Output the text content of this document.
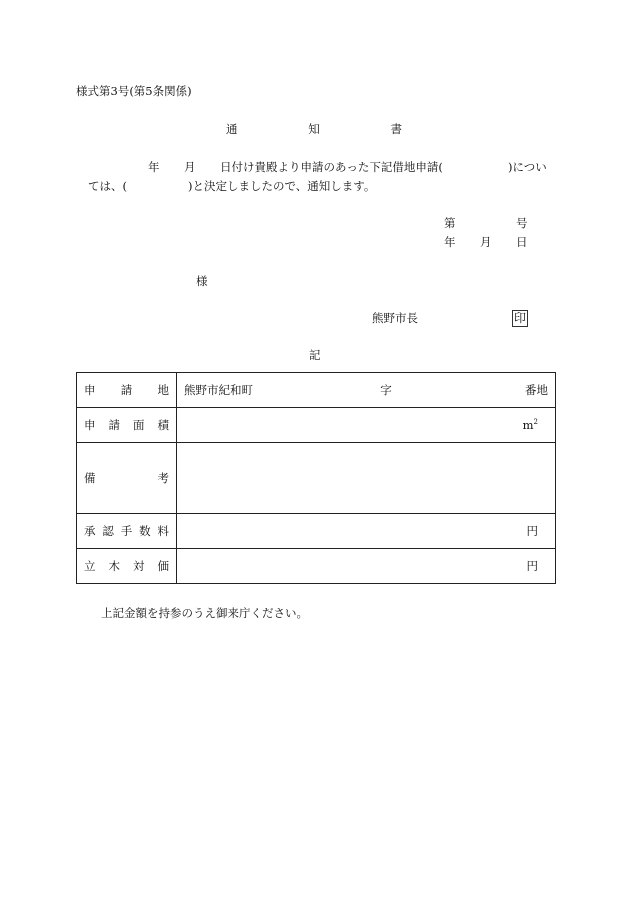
様式第3号(第5条関係)
通	知	書
年 月 日付け貴殿より申請のあった下記借地申請(	)につい
ては、(	)と決定しましたので、通知します。
第	号
年 月 日
様
熊野市長	印
記
申 請 地	熊野市紀和町 字 番地

申 請 面 積	$m^2$

備 考	

承 認 手 数 料	円

立 木 対 価	円
上記金額を持参のうえ御来庁ください。
